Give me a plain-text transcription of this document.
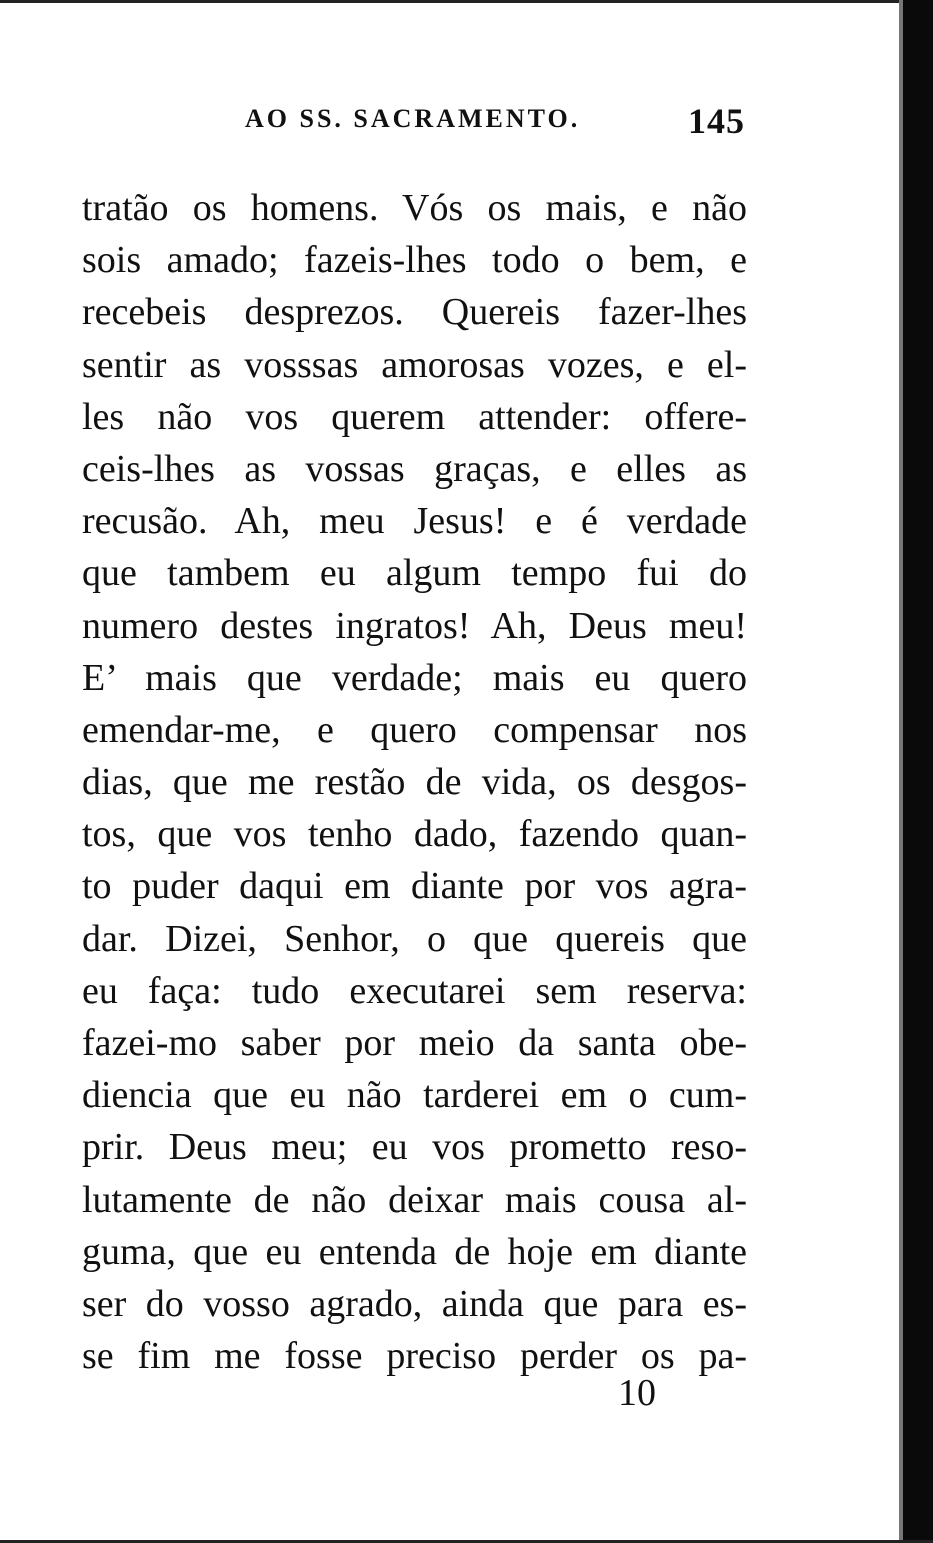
AO SS. SACRAMENTO.	145
tratão os homens. Vós os mais, e não
sois amado; fazeis-lhes todo o bem, e
recebeis desprezos. Quereis fazer-lhes
sentir as vosssas amorosas vozes, e el-
les não vos querem attender: offere-
ceis-lhes as vossas graças, e elles as
recusão. Ah, meu Jesus! e é verdade
que tambem eu algum tempo fui do
numero destes ingratos! Ah, Deus meu!
E’ mais que verdade; mais eu quero
emendar-me, e quero compensar nos
dias, que me restão de vida, os desgos-
tos, que vos tenho dado, fazendo quan-
to puder daqui em diante por vos agra-
dar. Dizei, Senhor, o que quereis que
eu faça: tudo executarei sem reserva:
fazei-mo saber por meio da santa obe-
diencia que eu não tarderei em o cum-
prir. Deus meu; eu vos prometto reso-
lutamente de não deixar mais cousa al-
guma, que eu entenda de hoje em diante
ser do vosso agrado, ainda que para es-
se fim me fosse preciso perder os pa-
10
